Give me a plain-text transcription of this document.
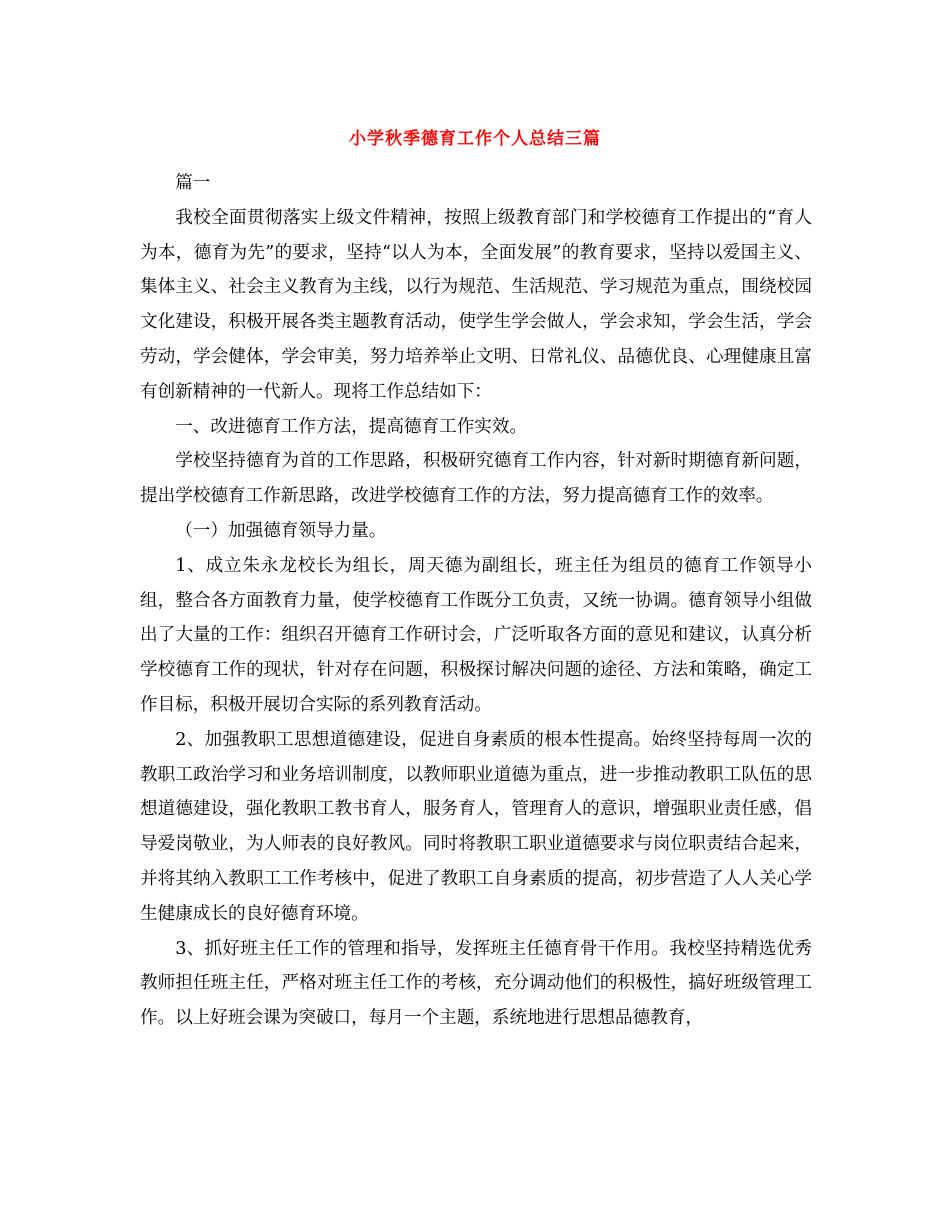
小学秋季德育工作个人总结三篇

篇一

我校全面贯彻落实上级文件精神，按照上级教育部门和学校德育工作提出的“育人为本，德育为先”的要求，坚持“以人为本，全面发展”的教育要求，坚持以爱国主义、集体主义、社会主义教育为主线，以行为规范、生活规范、学习规范为重点，围绕校园文化建设，积极开展各类主题教育活动，使学生学会做人，学会求知，学会生活，学会劳动，学会健体，学会审美，努力培养举止文明、日常礼仪、品德优良、心理健康且富有创新精神的一代新人。现将工作总结如下：

一、改进德育工作方法，提高德育工作实效。

学校坚持德育为首的工作思路，积极研究德育工作内容，针对新时期德育新问题，提出学校德育工作新思路，改进学校德育工作的方法，努力提高德育工作的效率。

（一）加强德育领导力量。

1、成立朱永龙校长为组长，周天德为副组长，班主任为组员的德育工作领导小组，整合各方面教育力量，使学校德育工作既分工负责，又统一协调。德育领导小组做出了大量的工作：组织召开德育工作研讨会，广泛听取各方面的意见和建议，认真分析学校德育工作的现状，针对存在问题，积极探讨解决问题的途径、方法和策略，确定工作目标，积极开展切合实际的系列教育活动。

2、加强教职工思想道德建设，促进自身素质的根本性提高。始终坚持每周一次的教职工政治学习和业务培训制度，以教师职业道德为重点，进一步推动教职工队伍的思想道德建设，强化教职工教书育人，服务育人，管理育人的意识，增强职业责任感，倡导爱岗敬业，为人师表的良好教风。同时将教职工职业道德要求与岗位职责结合起来，并将其纳入教职工工作考核中，促进了教职工自身素质的提高，初步营造了人人关心学生健康成长的良好德育环境。

3、抓好班主任工作的管理和指导，发挥班主任德育骨干作用。我校坚持精选优秀教师担任班主任，严格对班主任工作的考核，充分调动他们的积极性，搞好班级管理工作。以上好班会课为突破口，每月一个主题，系统地进行思想品德教育，
